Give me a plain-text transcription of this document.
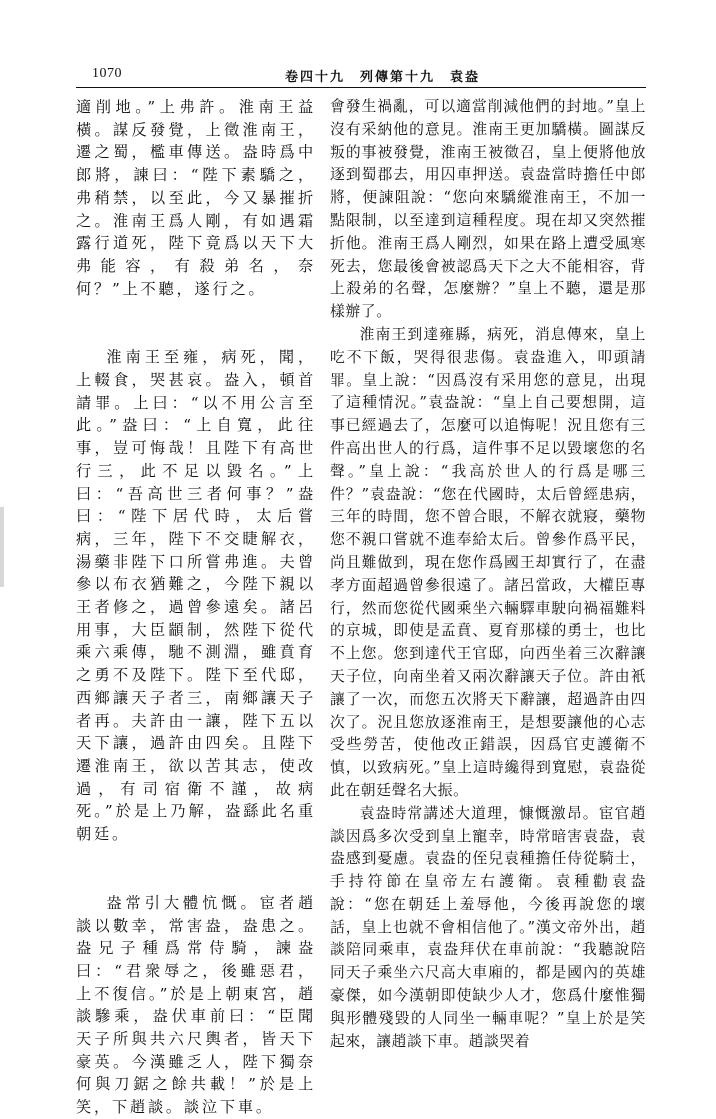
1070	卷四十九　列傳第十九　袁盎

適削地。”上弗許。淮南王益橫。謀反發覺，上徵淮南王，遷之蜀，檻車傳送。盎時爲中郎將，諫曰：“陛下素驕之，弗稍禁，以至此，今又暴摧折之。淮南王爲人剛，有如遇霜露行道死，陛下竟爲以天下大弗能容，有殺弟名，奈何？”上不聽，遂行之。

淮南王至雍，病死，聞，上輟食，哭甚哀。盎入，頓首請罪。上曰：“以不用公言至此。”盎曰：“上自寬，此往事，豈可悔哉！且陛下有高世行三，此不足以毀名。”上曰：“吾高世三者何事？”盎曰：“陛下居代時，太后嘗病，三年，陛下不交睫解衣，湯藥非陛下口所嘗弗進。夫曾參以布衣猶難之，今陛下親以王者修之，過曾參遠矣。諸呂用事，大臣顓制，然陛下從代乘六乘傳，馳不測淵，雖賁育之勇不及陛下。陛下至代邸，西鄉讓天子者三，南鄉讓天子者再。夫許由一讓，陛下五以天下讓，過許由四矣。且陛下遷淮南王，欲以苦其志，使改過，有司宿衛不謹，故病死。”於是上乃解，盎繇此名重朝廷。

盎常引大體忼慨。宦者趙談以數幸，常害盎，盎患之。盎兄子種爲常侍騎，諫盎曰：“君衆辱之，後雖惡君，上不復信。”於是上朝東宮，趙談驂乘，盎伏車前曰：“臣聞天子所與共六尺輿者，皆天下豪英。今漢雖乏人，陛下獨奈何與刀鋸之餘共載！”於是上笑，下趙談。談泣下車。

會發生禍亂，可以適當削減他們的封地。”皇上沒有采納他的意見。淮南王更加驕橫。圖謀反叛的事被發覺，淮南王被徵召，皇上便將他放逐到蜀郡去，用囚車押送。袁盎當時擔任中郎將，便諫阻說：“您向來驕縱淮南王，不加一點限制，以至達到這種程度。現在却又突然摧折他。淮南王爲人剛烈，如果在路上遭受風寒死去，您最後會被認爲天下之大不能相容，背上殺弟的名聲，怎麼辦？”皇上不聽，還是那樣辦了。

淮南王到達雍縣，病死，消息傳來，皇上吃不下飯，哭得很悲傷。袁盎進入，叩頭請罪。皇上說：“因爲沒有采用您的意見，出現了這種情況。”袁盎說：“皇上自己要想開，這事已經過去了，怎麼可以追悔呢！況且您有三件高出世人的行爲，這件事不足以毀壞您的名聲。”皇上說：“我高於世人的行爲是哪三件？”袁盎說：“您在代國時，太后曾經患病，三年的時間，您不曾合眼，不解衣就寢，藥物您不親口嘗就不進奉給太后。曾參作爲平民，尚且難做到，現在您作爲國王却實行了，在盡孝方面超過曾參很遠了。諸呂當政，大權臣專行，然而您從代國乘坐六輛驛車駛向禍福難料的京城，即使是孟賁、夏育那樣的勇士，也比不上您。您到達代王官邸，向西坐着三次辭讓天子位，向南坐着又兩次辭讓天子位。許由衹讓了一次，而您五次將天下辭讓，超過許由四次了。況且您放逐淮南王，是想要讓他的心志受些勞苦，使他改正錯誤，因爲官吏護衛不慎，以致病死。”皇上這時纔得到寬慰，袁盎從此在朝廷聲名大振。

袁盎時常講述大道理，慷慨激昂。宦官趙談因爲多次受到皇上寵幸，時常暗害袁盎，袁盎感到憂慮。袁盎的侄兒袁種擔任侍從騎士，手持符節在皇帝左右護衛。袁種勸袁盎說：“您在朝廷上羞辱他，今後再說您的壞話，皇上也就不會相信他了。”漢文帝外出，趙談陪同乘車，袁盎拜伏在車前說：“我聽說陪同天子乘坐六尺高大車廂的，都是國內的英雄豪傑，如今漢朝即使缺少人才，您爲什麼惟獨與形體殘毀的人同坐一輛車呢？”皇上於是笑起來，讓趙談下車。趙談哭着
